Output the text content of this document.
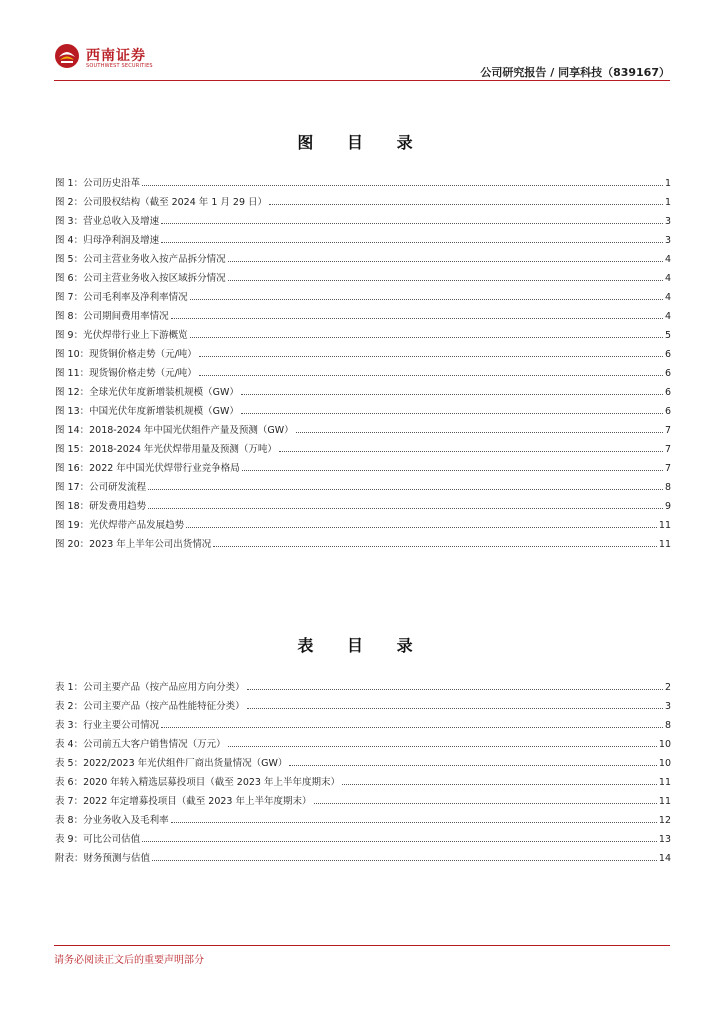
西南证券
SOUTHWEST SECURITIES	公司研究报告 / 同享科技（839167）
图 目 录
图 1： 公司历史沿革	1
图 2： 公司股权结构（截至 2024 年 1 月 29 日）	1
图 3： 营业总收入及增速	3
图 4： 归母净利润及增速	3
图 5： 公司主营业务收入按产品拆分情况	4
图 6： 公司主营业务收入按区域拆分情况	4
图 7： 公司毛利率及净利率情况	4
图 8： 公司期间费用率情况	4
图 9： 光伏焊带行业上下游概览	5
图 10： 现货铜价格走势（元/吨）	6
图 11： 现货锡价格走势（元/吨）	6
图 12： 全球光伏年度新增装机规模（GW）	6
图 13： 中国光伏年度新增装机规模（GW）	6
图 14： 2018-2024 年中国光伏组件产量及预测（GW）	7
图 15： 2018-2024 年光伏焊带用量及预测（万吨）	7
图 16： 2022 年中国光伏焊带行业竞争格局	7
图 17： 公司研发流程	8
图 18： 研发费用趋势	9
图 19： 光伏焊带产品发展趋势	11
图 20： 2023 年上半年公司出货情况	11
表 目 录
表 1： 公司主要产品（按产品应用方向分类）	2
表 2： 公司主要产品（按产品性能特征分类）	3
表 3： 行业主要公司情况	8
表 4： 公司前五大客户销售情况（万元）	10
表 5： 2022/2023 年光伏组件厂商出货量情况（GW）	10
表 6： 2020 年转入精选层募投项目（截至 2023 年上半年度期末）	11
表 7： 2022 年定增募投项目（截至 2023 年上半年度期末）	11
表 8： 分业务收入及毛利率	12
表 9： 可比公司估值	13
附表： 财务预测与估值	14
请务必阅读正文后的重要声明部分
